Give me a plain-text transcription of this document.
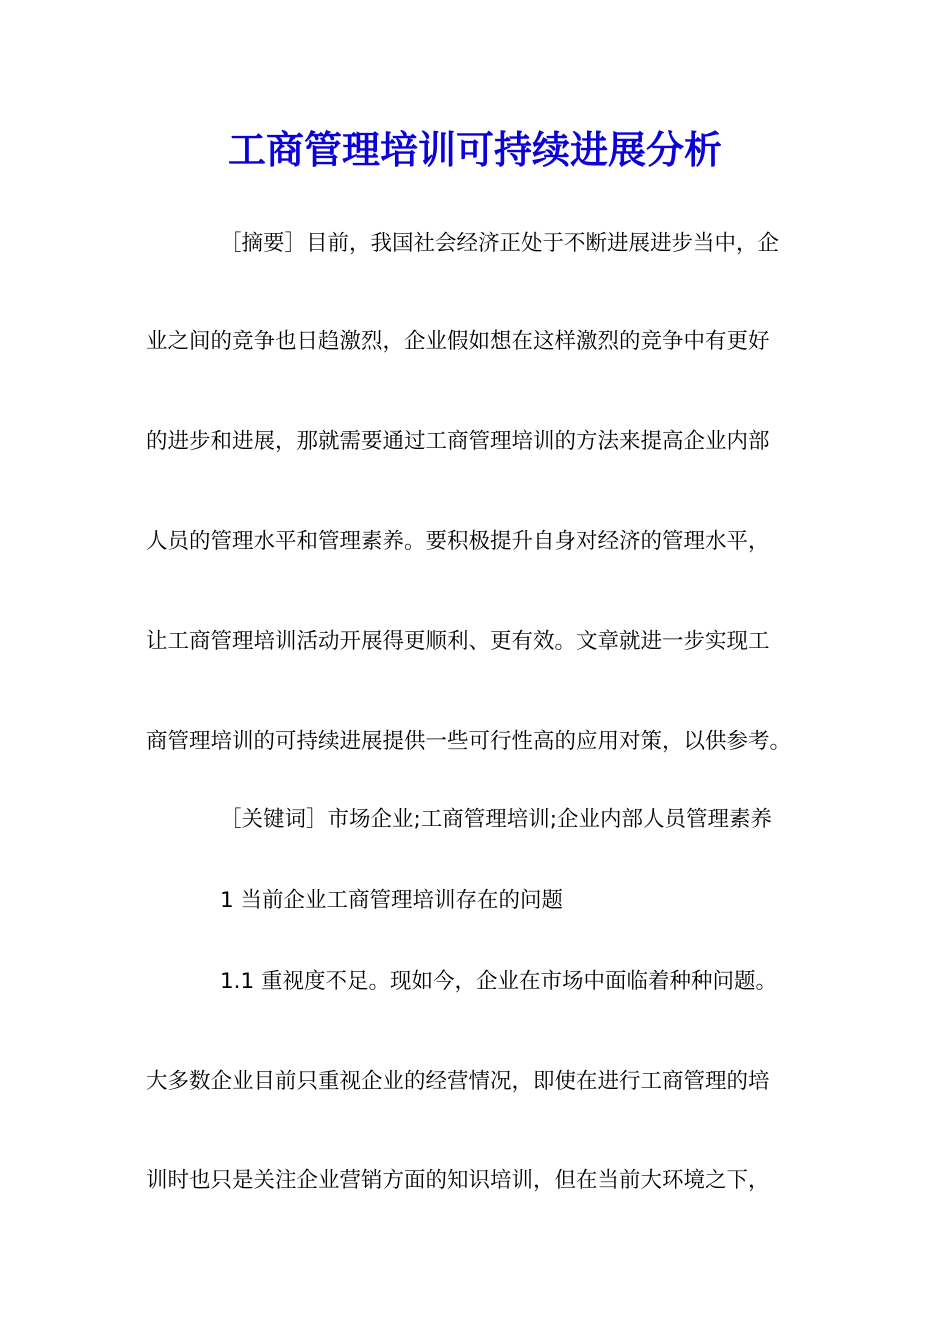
工商管理培训可持续进展分析

［摘要］目前，我国社会经济正处于不断进展进步当中，企

业之间的竞争也日趋激烈，企业假如想在这样激烈的竞争中有更好

的进步和进展，那就需要通过工商管理培训的方法来提高企业内部

人员的管理水平和管理素养。要积极提升自身对经济的管理水平，

让工商管理培训活动开展得更顺利、更有效。文章就进一步实现工

商管理培训的可持续进展提供一些可行性高的应用对策，以供参考。

［关键词］市场企业;工商管理培训;企业内部人员管理素养

1 当前企业工商管理培训存在的问题

1.1 重视度不足。现如今，企业在市场中面临着种种问题。

大多数企业目前只重视企业的经营情况，即使在进行工商管理的培

训时也只是关注企业营销方面的知识培训，但在当前大环境之下，
